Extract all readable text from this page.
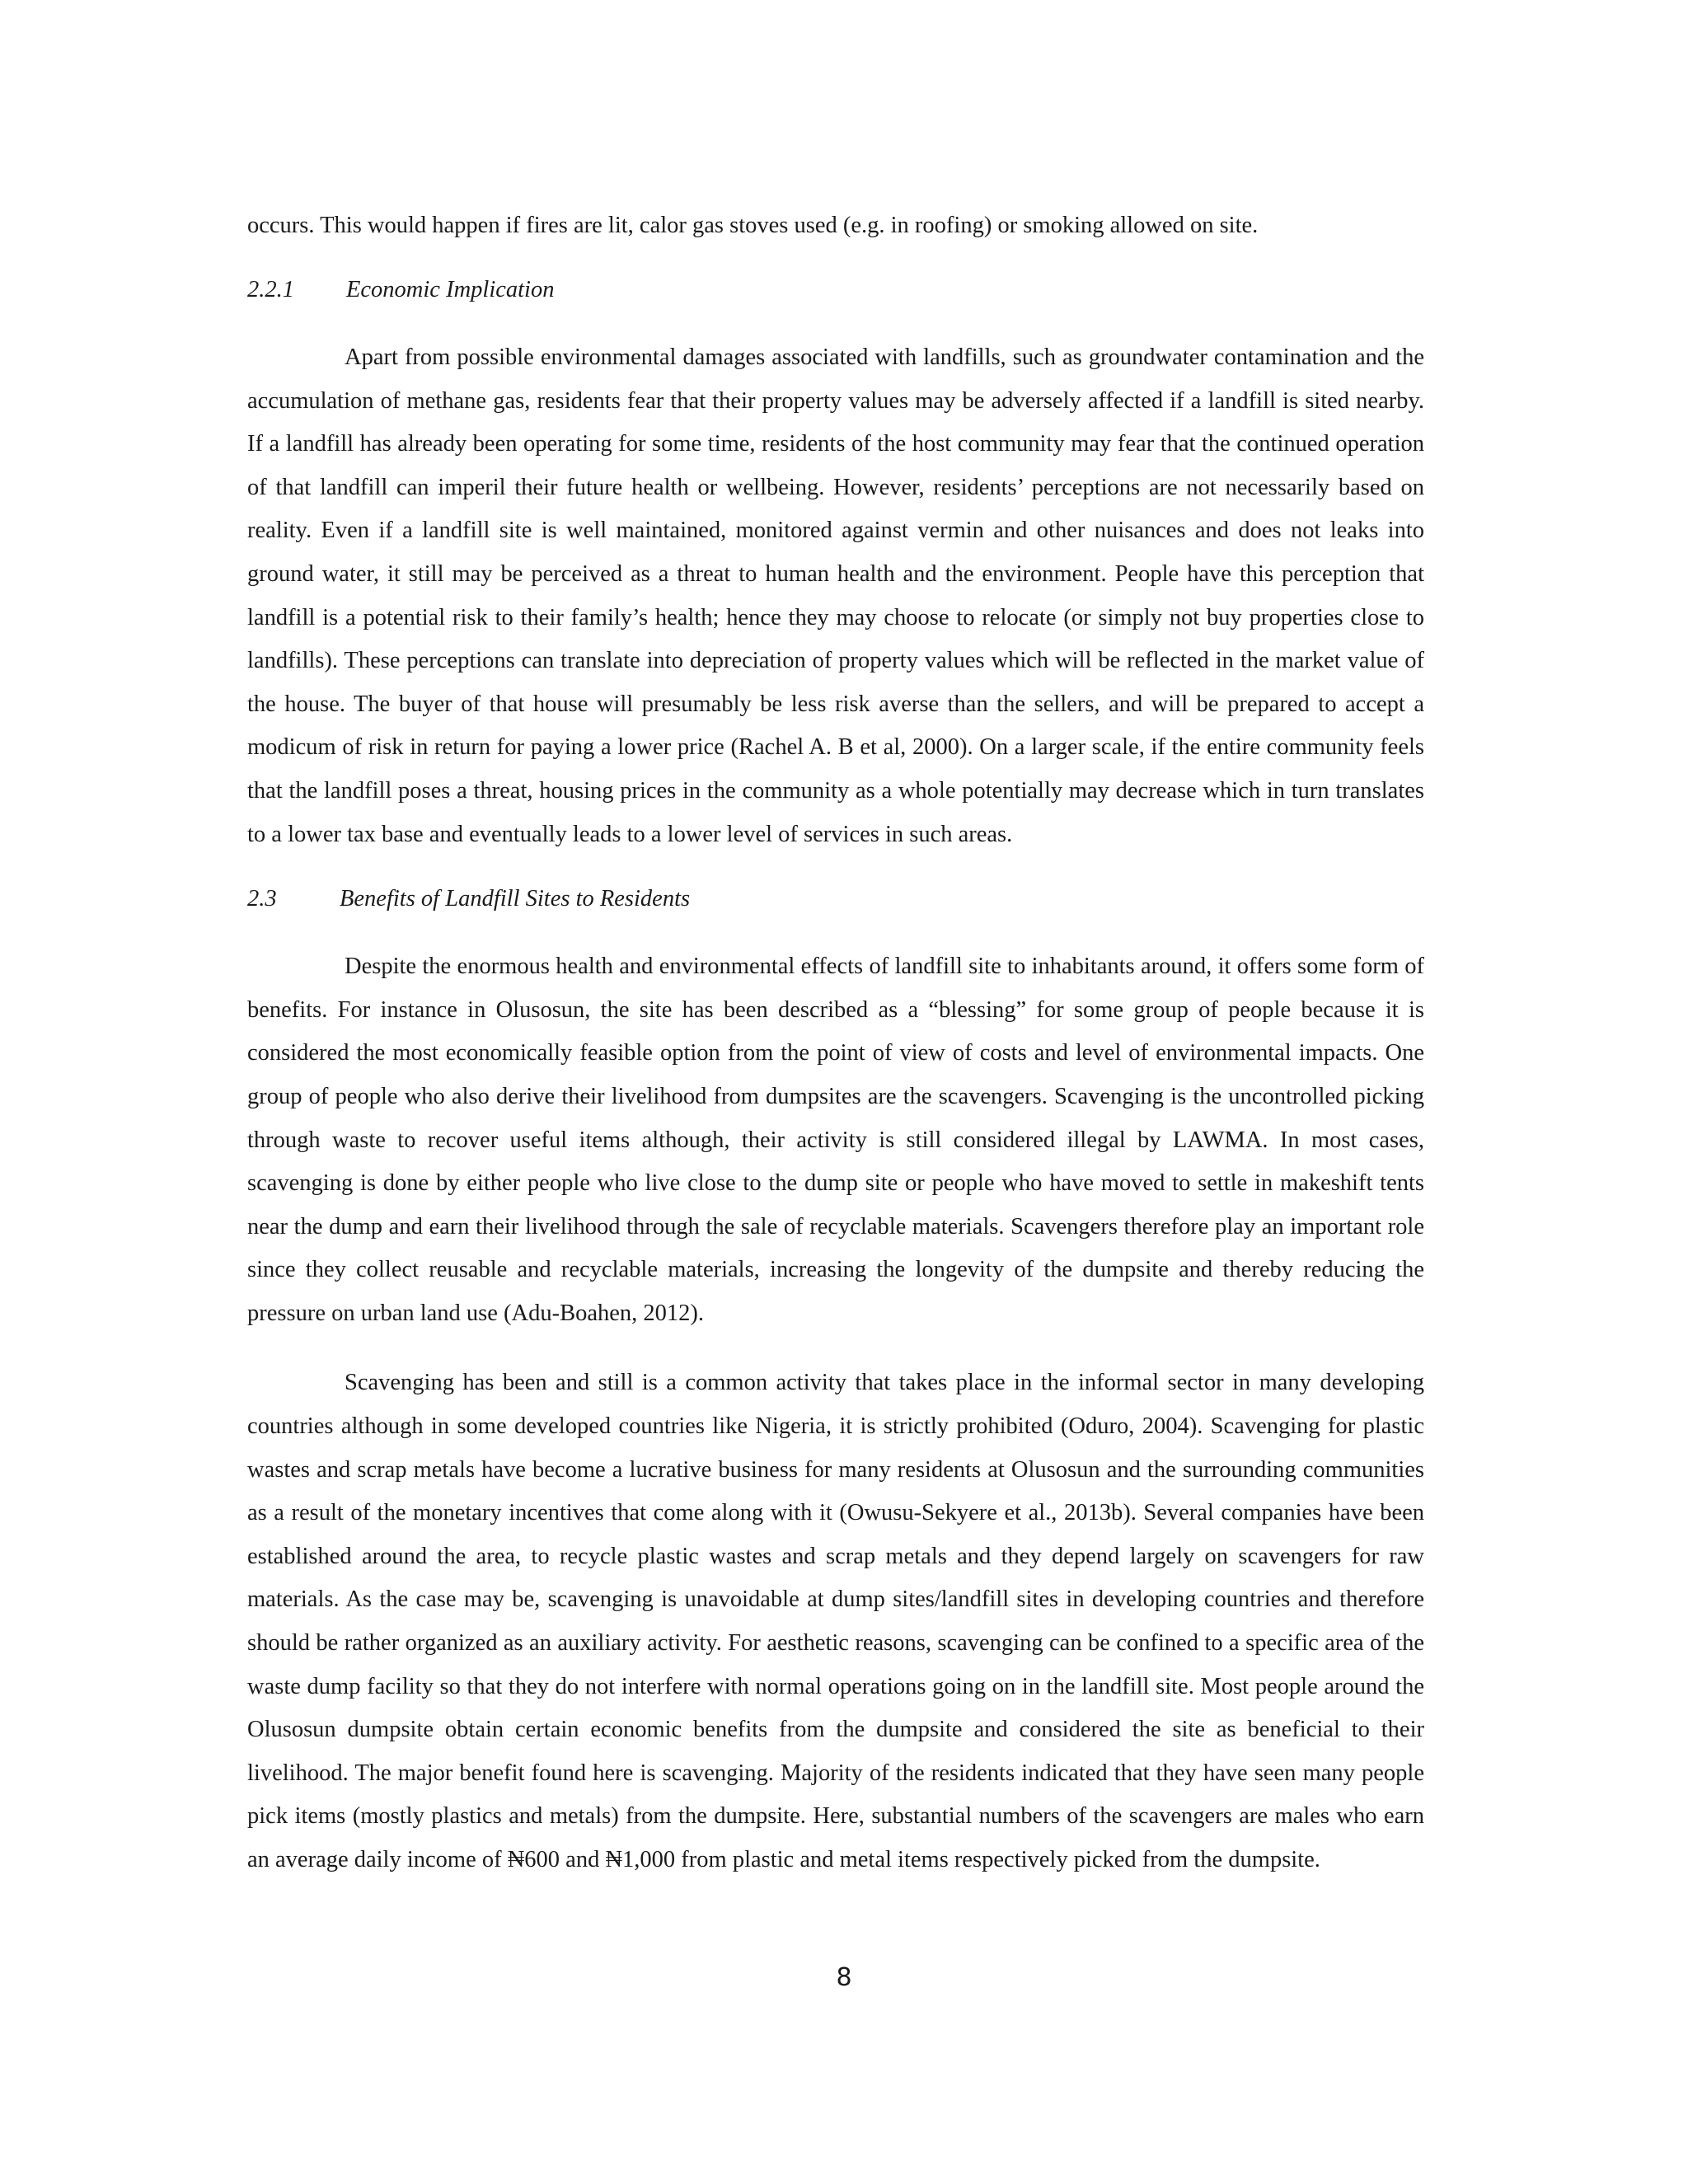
occurs. This would happen if fires are lit, calor gas stoves used (e.g. in roofing) or smoking allowed on site.

2.2.1	Economic Implication

Apart from possible environmental damages associated with landfills, such as groundwater contamination and the accumulation of methane gas, residents fear that their property values may be adversely affected if a landfill is sited nearby. If a landfill has already been operating for some time, residents of the host community may fear that the continued operation of that landfill can imperil their future health or wellbeing. However, residents’ perceptions are not necessarily based on reality. Even if a landfill site is well maintained, monitored against vermin and other nuisances and does not leaks into ground water, it still may be perceived as a threat to human health and the environment. People have this perception that landfill is a potential risk to their family’s health; hence they may choose to relocate (or simply not buy properties close to landfills). These perceptions can translate into depreciation of property values which will be reflected in the market value of the house. The buyer of that house will presumably be less risk averse than the sellers, and will be prepared to accept a modicum of risk in return for paying a lower price (Rachel A. B et al, 2000). On a larger scale, if the entire community feels that the landfill poses a threat, housing prices in the community as a whole potentially may decrease which in turn translates to a lower tax base and eventually leads to a lower level of services in such areas.

2.3	Benefits of Landfill Sites to Residents

Despite the enormous health and environmental effects of landfill site to inhabitants around, it offers some form of benefits. For instance in Olusosun, the site has been described as a “blessing” for some group of people because it is considered the most economically feasible option from the point of view of costs and level of environmental impacts. One group of people who also derive their livelihood from dumpsites are the scavengers. Scavenging is the uncontrolled picking through waste to recover useful items although, their activity is still considered illegal by LAWMA. In most cases, scavenging is done by either people who live close to the dump site or people who have moved to settle in makeshift tents near the dump and earn their livelihood through the sale of recyclable materials. Scavengers therefore play an important role since they collect reusable and recyclable materials, increasing the longevity of the dumpsite and thereby reducing the pressure on urban land use (Adu-Boahen, 2012).

Scavenging has been and still is a common activity that takes place in the informal sector in many developing countries although in some developed countries like Nigeria, it is strictly prohibited (Oduro, 2004). Scavenging for plastic wastes and scrap metals have become a lucrative business for many residents at Olusosun and the surrounding communities as a result of the monetary incentives that come along with it (Owusu-Sekyere et al., 2013b). Several companies have been established around the area, to recycle plastic wastes and scrap metals and they depend largely on scavengers for raw materials. As the case may be, scavenging is unavoidable at dump sites/landfill sites in developing countries and therefore should be rather organized as an auxiliary activity. For aesthetic reasons, scavenging can be confined to a specific area of the waste dump facility so that they do not interfere with normal operations going on in the landfill site. Most people around the Olusosun dumpsite obtain certain economic benefits from the dumpsite and considered the site as beneficial to their livelihood. The major benefit found here is scavenging. Majority of the residents indicated that they have seen many people pick items (mostly plastics and metals) from the dumpsite. Here, substantial numbers of the scavengers are males who earn an average daily income of ₦600 and ₦1,000 from plastic and metal items respectively picked from the dumpsite.

8
